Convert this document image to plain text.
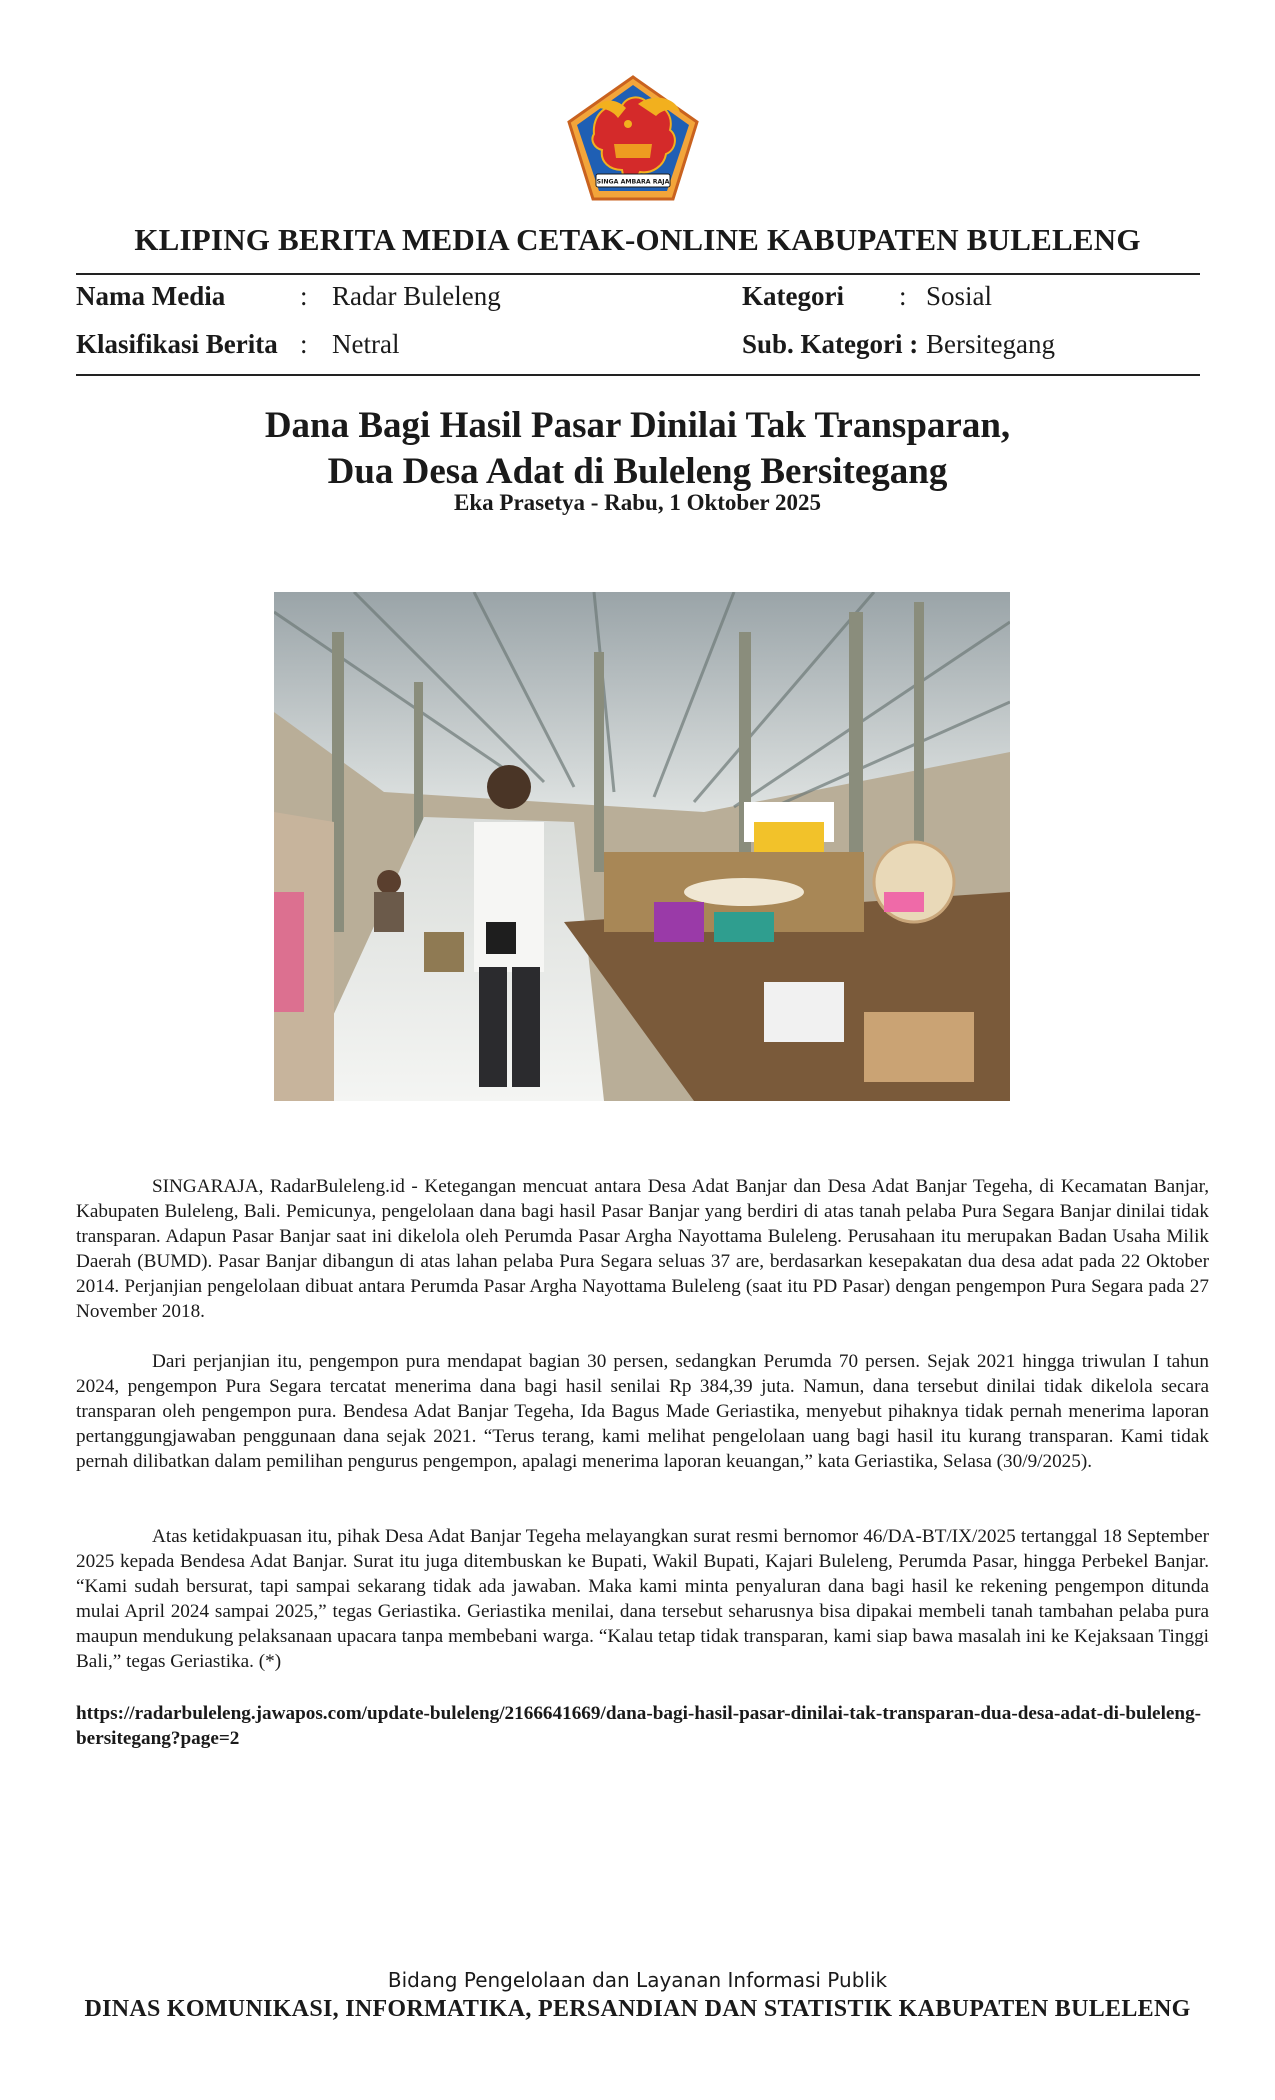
SINGA AMBARA RAJA
KLIPING BERITA MEDIA CETAK-ONLINE KABUPATEN BULELENG
Nama Media	: Radar Buleleng
Klasifikasi Berita : Netral
Kategori : Sosial
Sub. Kategori : Bersitegang
Dana Bagi Hasil Pasar Dinilai Tak Transparan,
Dua Desa Adat di Buleleng Bersitegang
Eka Prasetya - Rabu, 1 Oktober 2025
SINGARAJA, RadarBuleleng.id - Ketegangan mencuat antara Desa Adat Banjar dan Desa Adat Banjar Tegeha, di Kecamatan Banjar, Kabupaten Buleleng, Bali. Pemicunya, pengelolaan dana bagi hasil Pasar Banjar yang berdiri di atas tanah pelaba Pura Segara Banjar dinilai tidak transparan. Adapun Pasar Banjar saat ini dikelola oleh Perumda Pasar Argha Nayottama Buleleng. Perusahaan itu merupakan Badan Usaha Milik Daerah (BUMD). Pasar Banjar dibangun di atas lahan pelaba Pura Segara seluas 37 are, berdasarkan kesepakatan dua desa adat pada 22 Oktober 2014. Perjanjian pengelolaan dibuat antara Perumda Pasar Argha Nayottama Buleleng (saat itu PD Pasar) dengan pengempon Pura Segara pada 27 November 2018.
Dari perjanjian itu, pengempon pura mendapat bagian 30 persen, sedangkan Perumda 70 persen. Sejak 2021 hingga triwulan I tahun 2024, pengempon Pura Segara tercatat menerima dana bagi hasil senilai Rp 384,39 juta. Namun, dana tersebut dinilai tidak dikelola secara transparan oleh pengempon pura. Bendesa Adat Banjar Tegeha, Ida Bagus Made Geriastika, menyebut pihaknya tidak pernah menerima laporan pertanggungjawaban penggunaan dana sejak 2021. “Terus terang, kami melihat pengelolaan uang bagi hasil itu kurang transparan. Kami tidak pernah dilibatkan dalam pemilihan pengurus pengempon, apalagi menerima laporan keuangan,” kata Geriastika, Selasa (30/9/2025).
Atas ketidakpuasan itu, pihak Desa Adat Banjar Tegeha melayangkan surat resmi bernomor 46/DA-BT/IX/2025 tertanggal 18 September 2025 kepada Bendesa Adat Banjar. Surat itu juga ditembuskan ke Bupati, Wakil Bupati, Kajari Buleleng, Perumda Pasar, hingga Perbekel Banjar. “Kami sudah bersurat, tapi sampai sekarang tidak ada jawaban. Maka kami minta penyaluran dana bagi hasil ke rekening pengempon ditunda mulai April 2024 sampai 2025,” tegas Geriastika. Geriastika menilai, dana tersebut seharusnya bisa dipakai membeli tanah tambahan pelaba pura maupun mendukung pelaksanaan upacara tanpa membebani warga. “Kalau tetap tidak transparan, kami siap bawa masalah ini ke Kejaksaan Tinggi Bali,” tegas Geriastika. (*)
https://radarbuleleng.jawapos.com/update-buleleng/2166641669/dana-bagi-hasil-pasar-dinilai-tak-transparan-dua-desa-adat-di-buleleng-bersitegang?page=2
Bidang Pengelolaan dan Layanan Informasi Publik
DINAS KOMUNIKASI, INFORMATIKA, PERSANDIAN DAN STATISTIK KABUPATEN BULELENG
